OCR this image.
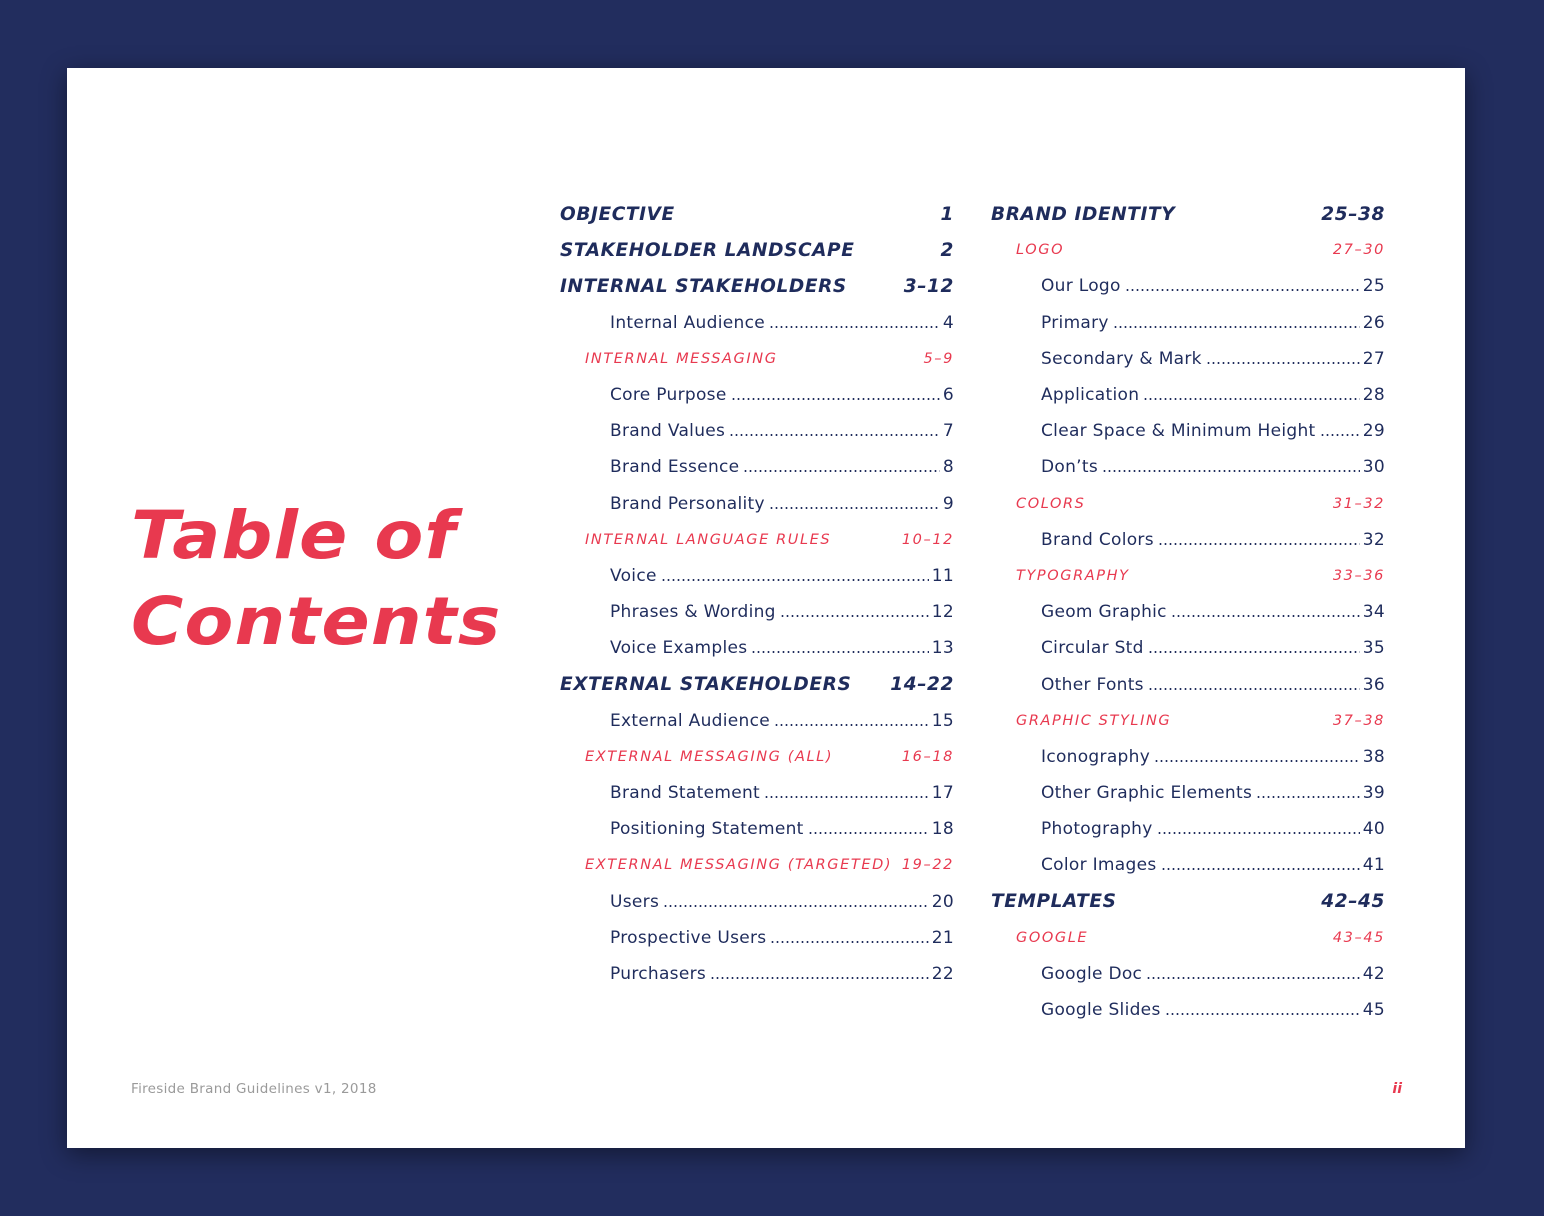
Table of
Contents
OBJECTIVE	1
STAKEHOLDER LANDSCAPE	2
INTERNAL STAKEHOLDERS	3–12
Internal Audience	4
INTERNAL MESSAGING	5–9
Core Purpose	6
Brand Values	7
Brand Essence	8
Brand Personality	9
INTERNAL LANGUAGE RULES	10–12
Voice	11
Phrases & Wording	12
Voice Examples	13
EXTERNAL STAKEHOLDERS 14–22
External Audience	15
EXTERNAL MESSAGING (ALL)	16–18
Brand Statement	17
Positioning Statement	18
EXTERNAL MESSAGING (TARGETED) 19–22
Users	20
Prospective Users	21
Purchasers	22
BRAND IDENTITY	25–38
LOGO	27–30
Our Logo	25
Primary	26
Secondary & Mark	27
Application	28
Clear Space & Minimum Height	29
Don’ts	30
COLORS	31–32
Brand Colors	32
TYPOGRAPHY	33–36
Geom Graphic	34
Circular Std	35
Other Fonts	36
GRAPHIC STYLING	37–38
Iconography	38
Other Graphic Elements	39
Photography	40
Color Images	41
TEMPLATES	42–45
GOOGLE	43–45
Google Doc	42
Google Slides	45
Fireside Brand Guidelines v1, 2018	ii
